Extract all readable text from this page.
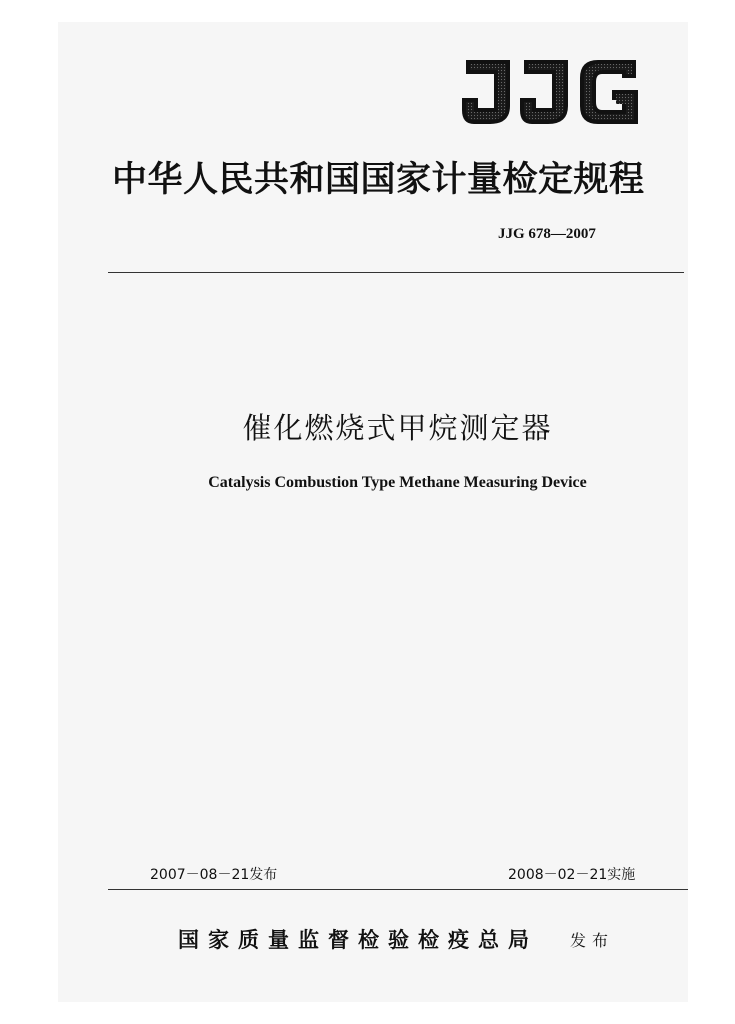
中华人民共和国国家计量检定规程
JJG 678—2007
催化燃烧式甲烷测定器
Catalysis Combustion Type Methane Measuring Device
2007－08－21发布	2008－02－21实施
国家质量监督检验检疫总局 发布
